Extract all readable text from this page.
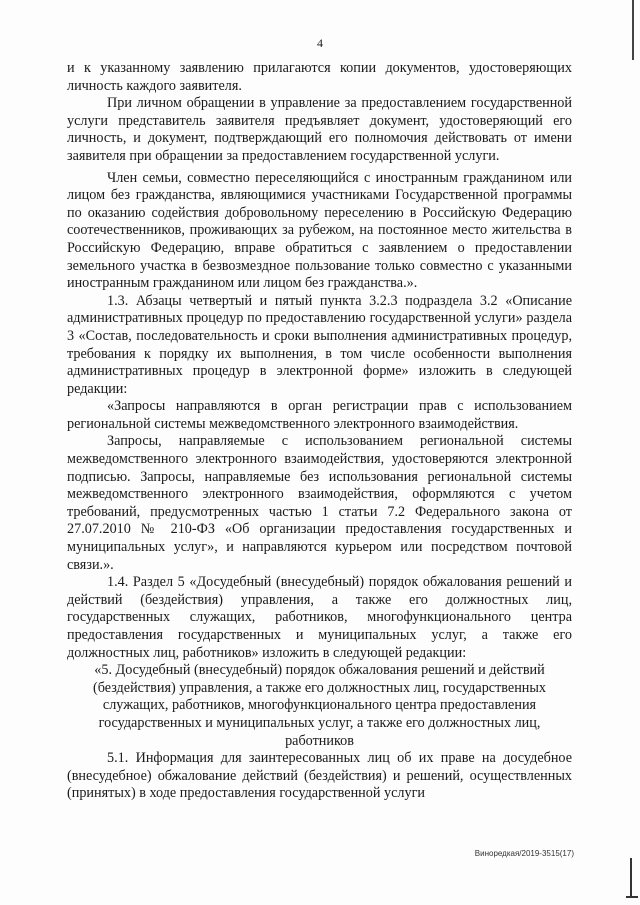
4

и к указанному заявлению прилагаются копии документов, удостоверяющих личность каждого заявителя.

При личном обращении в управление за предоставлением государственной услуги представитель заявителя предъявляет документ, удостоверяющий его личность, и документ, подтверждающий его полномочия действовать от имени заявителя при обращении за предоставлением государственной услуги.

Член семьи, совместно переселяющийся с иностранным гражданином или лицом без гражданства, являющимися участниками Государственной программы по оказанию содействия добровольному переселению в Российскую Федерацию соотечественников, проживающих за рубежом, на постоянное место жительства в Российскую Федерацию, вправе обратиться с заявлением о предоставлении земельного участка в безвозмездное пользование только совместно с указанными иностранным гражданином или лицом без гражданства.».

1.3. Абзацы четвертый и пятый пункта 3.2.3 подраздела 3.2 «Описание административных процедур по предоставлению государственной услуги» раздела 3 «Состав, последовательность и сроки выполнения административных процедур, требования к порядку их выполнения, в том числе особенности выполнения административных процедур в электронной форме» изложить в следующей редакции:

«Запросы направляются в орган регистрации прав с использованием региональной системы межведомственного электронного взаимодействия.

Запросы, направляемые с использованием региональной системы межведомственного электронного взаимодействия, удостоверяются электронной подписью. Запросы, направляемые без использования региональной системы межведомственного электронного взаимодействия, оформляются с учетом требований, предусмотренных частью 1 статьи 7.2 Федерального закона от 27.07.2010 № 210-ФЗ «Об организации предоставления государственных и муниципальных услуг», и направляются курьером или посредством почтовой связи.».

1.4. Раздел 5 «Досудебный (внесудебный) порядок обжалования решений и действий (бездействия) управления, а также его должностных лиц, государственных служащих, работников, многофункционального центра предоставления государственных и муниципальных услуг, а также его должностных лиц, работников» изложить в следующей редакции:

«5. Досудебный (внесудебный) порядок обжалования решений и действий (бездействия) управления, а также его должностных лиц, государственных служащих, работников, многофункционального центра предоставления государственных и муниципальных услуг, а также его должностных лиц, работников

5.1. Информация для заинтересованных лиц об их праве на досудебное (внесудебное) обжалование действий (бездействия) и решений, осуществленных (принятых) в ходе предоставления государственной услуги

Виноредкая/2019-3515(17)
